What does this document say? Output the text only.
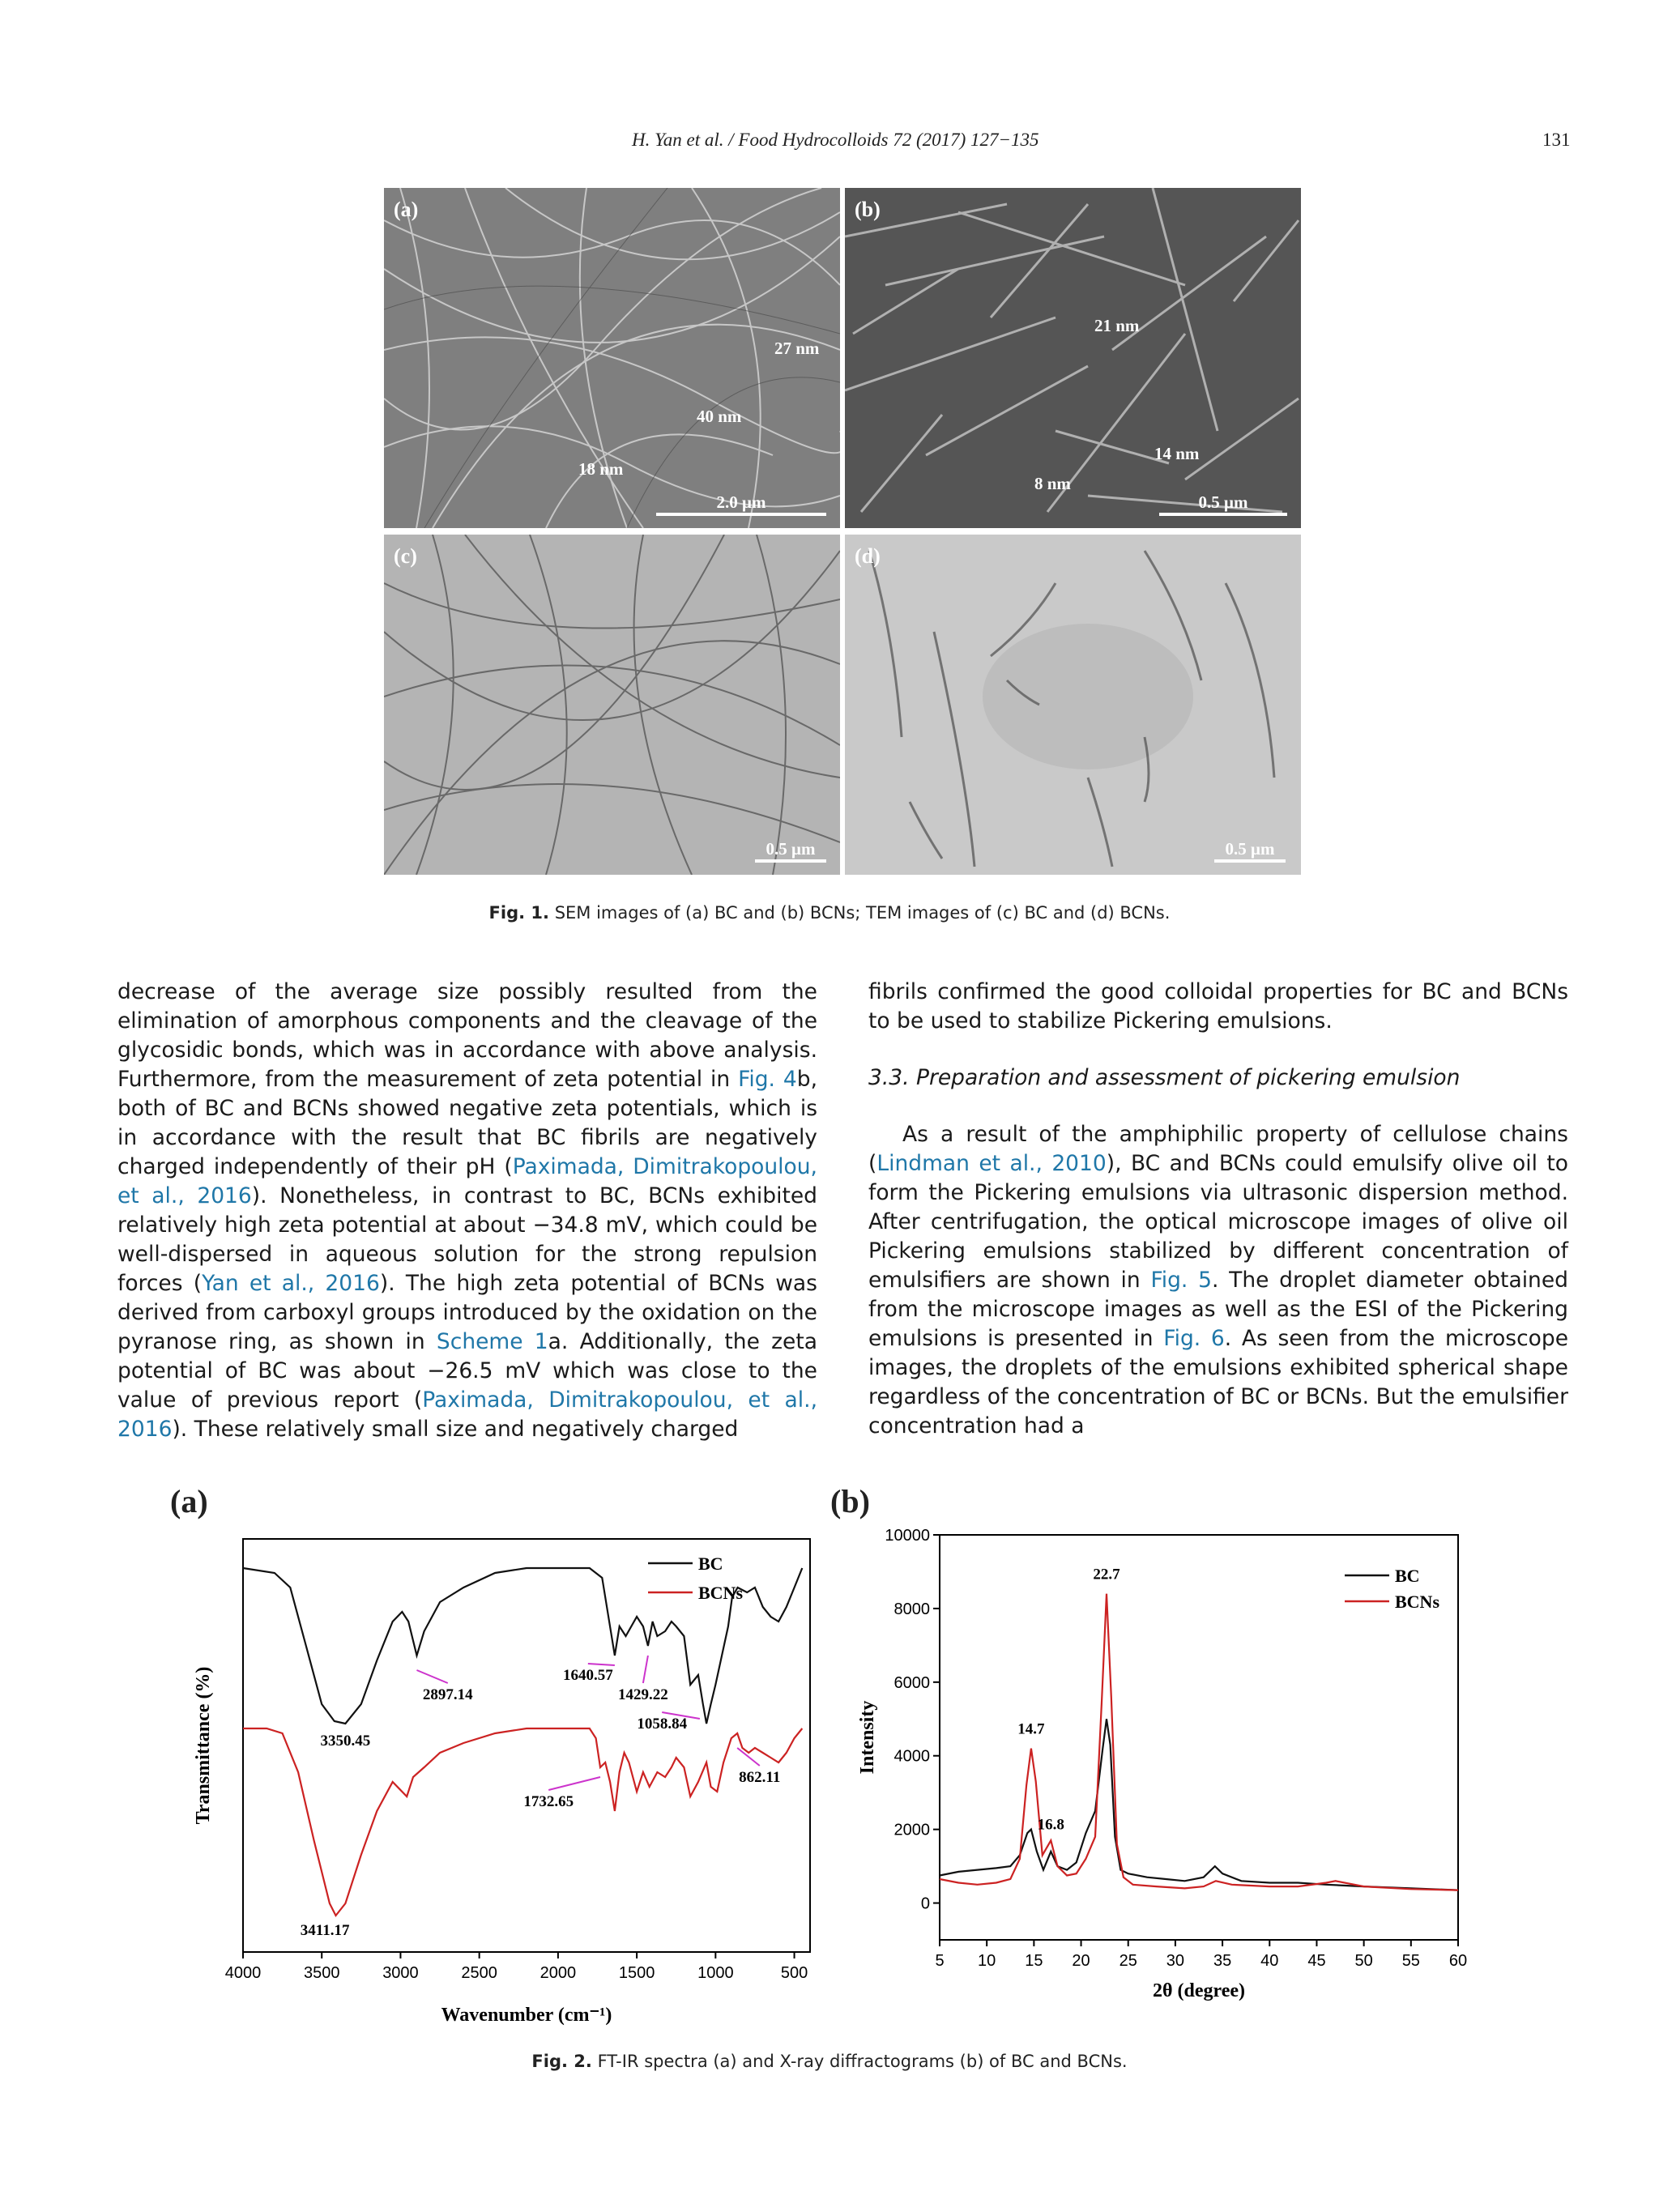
H. Yan et al. / Food Hydrocolloids 72 (2017) 127−135	131
(a)
27 nm
40 nm
18 nm
2.0 μm
(b)
21 nm
14 nm
8 nm
0.5 μm
(c)
0.5 μm
(d)
0.5 μm
Fig. 1. SEM images of (a) BC and (b) BCNs; TEM images of (c) BC and (d) BCNs.

decrease of the average size possibly resulted from the elimination of amorphous components and the cleavage of the glycosidic bonds, which was in accordance with above analysis. Furthermore, from the measurement of zeta potential in Fig. 4b, both of BC and BCNs showed negative zeta potentials, which is in accordance with the result that BC fibrils are negatively charged independently of their pH (Paximada, Dimitrakopoulou, et al., 2016). Nonetheless, in contrast to BC, BCNs exhibited relatively high zeta potential at about −34.8 mV, which could be well-dispersed in aqueous solution for the strong repulsion forces (Yan et al., 2016). The high zeta potential of BCNs was derived from carboxyl groups introduced by the oxidation on the pyranose ring, as shown in Scheme 1a. Additionally, the zeta potential of BC was about −26.5 mV which was close to the value of previous report (Paximada, Dimitrakopoulou, et al., 2016). These relatively small size and negatively charged

fibrils confirmed the good colloidal properties for BC and BCNs to be used to stabilize Pickering emulsions.

3.3. Preparation and assessment of pickering emulsion

As a result of the amphiphilic property of cellulose chains (Lindman et al., 2010), BC and BCNs could emulsify olive oil to form the Pickering emulsions via ultrasonic dispersion method. After centrifugation, the optical microscope images of olive oil Pickering emulsions stabilized by different concentration of emulsifiers are shown in Fig. 5. The droplet diameter obtained from the microscope images as well as the ESI of the Pickering emulsions is presented in Fig. 6. As seen from the microscope images, the droplets of the emulsions exhibited spherical shape regardless of the concentration of BC or BCNs. But the emulsifier concentration had a

(a)	(b)
4000	3500	3000	2500	2000	1500	1000	500
Wavenumber (cm⁻¹)
Transmittance (%)
BC
BCNs
3350.45
2897.14
1640.57
1429.22
1058.84
862.11
1732.65
3411.17
5 10 15 20 25 30 35 40 45 50 55 60
0
2000
4000
6000
8000
10000
2θ (degree)
Intensity
BC
BCNs
22.7
14.7
16.8
Fig. 2. FT-IR spectra (a) and X-ray diffractograms (b) of BC and BCNs.
